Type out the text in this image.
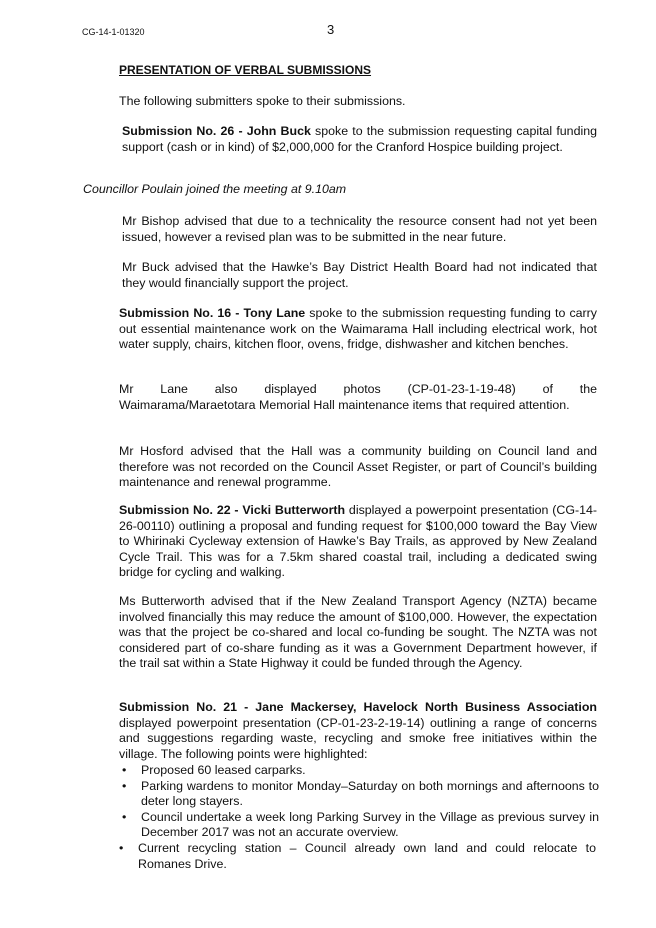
CG-14-1-01320	3
PRESENTATION OF VERBAL SUBMISSIONS

The following submitters spoke to their submissions.

Submission No. 26 - John Buck spoke to the submission requesting capital funding support (cash or in kind) of $2,000,000 for the Cranford Hospice building project.

Councillor Poulain joined the meeting at 9.10am

Mr Bishop advised that due to a technicality the resource consent had not yet been issued, however a revised plan was to be submitted in the near future.

Mr Buck advised that the Hawke’s Bay District Health Board had not indicated that they would financially support the project.

Submission No. 16 - Tony Lane spoke to the submission requesting funding to carry out essential maintenance work on the Waimarama Hall including electrical work, hot water supply, chairs, kitchen floor, ovens, fridge, dishwasher and kitchen benches.

Mr Lane also displayed photos (CP-01-23-1-19-48) of the

Waimarama/Maraetotara Memorial Hall maintenance items that required attention.

Mr Hosford advised that the Hall was a community building on Council land and therefore was not recorded on the Council Asset Register, or part of Council’s building maintenance and renewal programme.

Submission No. 22 - Vicki Butterworth displayed a powerpoint presentation (CG-14-26-00110) outlining a proposal and funding request for $100,000 toward the Bay View to Whirinaki Cycleway extension of Hawke’s Bay Trails, as approved by New Zealand Cycle Trail. This was for a 7.5km shared coastal trail, including a dedicated swing bridge for cycling and walking.

Ms Butterworth advised that if the New Zealand Transport Agency (NZTA) became involved financially this may reduce the amount of $100,000. However, the expectation was that the project be co-shared and local co-funding be sought. The NZTA was not considered part of co-share funding as it was a Government Department however, if the trail sat within a State Highway it could be funded through the Agency.

Submission No. 21 - Jane Mackersey, Havelock North Business Association displayed powerpoint presentation (CP-01-23-2-19-14) outlining a range of concerns and suggestions regarding waste, recycling and smoke free initiatives within the village. The following points were highlighted:

• Proposed 60 leased carparks.

• Parking wardens to monitor Monday–Saturday on both mornings and afternoons to deter long stayers.

• Council undertake a week long Parking Survey in the Village as previous survey in December 2017 was not an accurate overview.

• Current recycling station – Council already own land and could relocate to Romanes Drive.
